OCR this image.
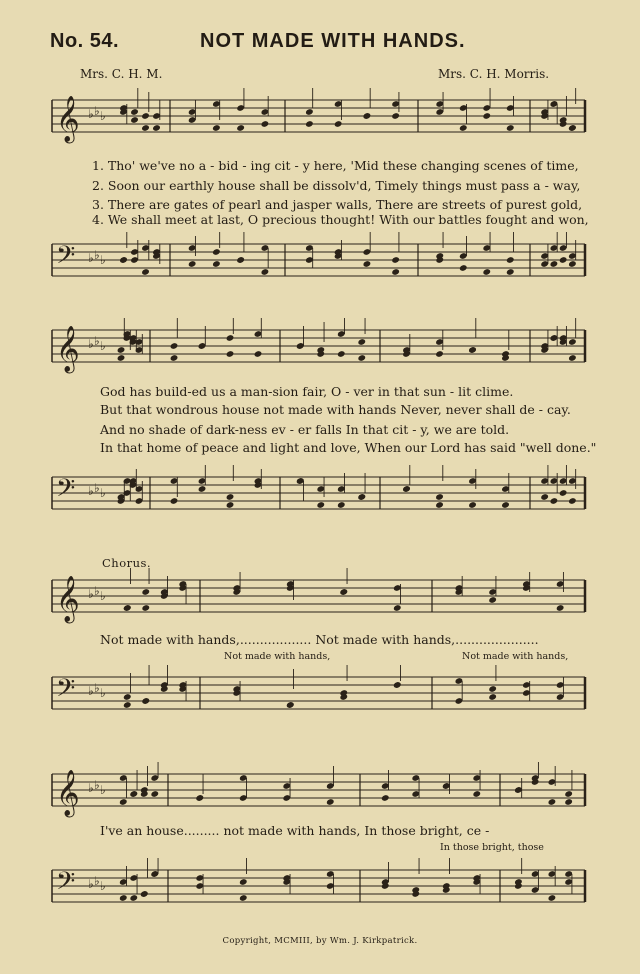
No. 54.	NOT MADE WITH HANDS.
Mrs. C. H. M.	Mrs. C. H. Morris.
𝄞 ♭ ♭ ♭
𝄢 ♭ ♭ ♭
1. Tho' we've no a - bid - ing cit - y here, 'Mid these changing scenes of time,
2. Soon our earthly house shall be dissolv'd, Timely things must pass a - way,
3. There are gates of pearl and jasper walls, There are streets of purest gold,
4. We shall meet at last, O precious thought! With our battles fought and won,
𝄞 ♭ ♭ ♭
𝄢 ♭ ♭ ♭
God has build-ed us a man-sion fair, O - ver in that sun - lit clime.
But that wondrous house not made with hands Never, never shall de - cay.
And no shade of dark-ness ev - er falls In that cit - y, we are told.
In that home of peace and light and love, When our Lord has said "well done."
Chorus.
𝄞 ♭ ♭ ♭
𝄢 ♭ ♭ ♭
Not made with hands,.................. Not made with hands,.....................
Not made with hands,	Not made with hands,
𝄞 ♭ ♭ ♭
𝄢 ♭ ♭ ♭
I've an house......... not made with hands, In those bright, ce -
In those bright, those
Copyright, MCMIII, by Wm. J. Kirkpatrick.
